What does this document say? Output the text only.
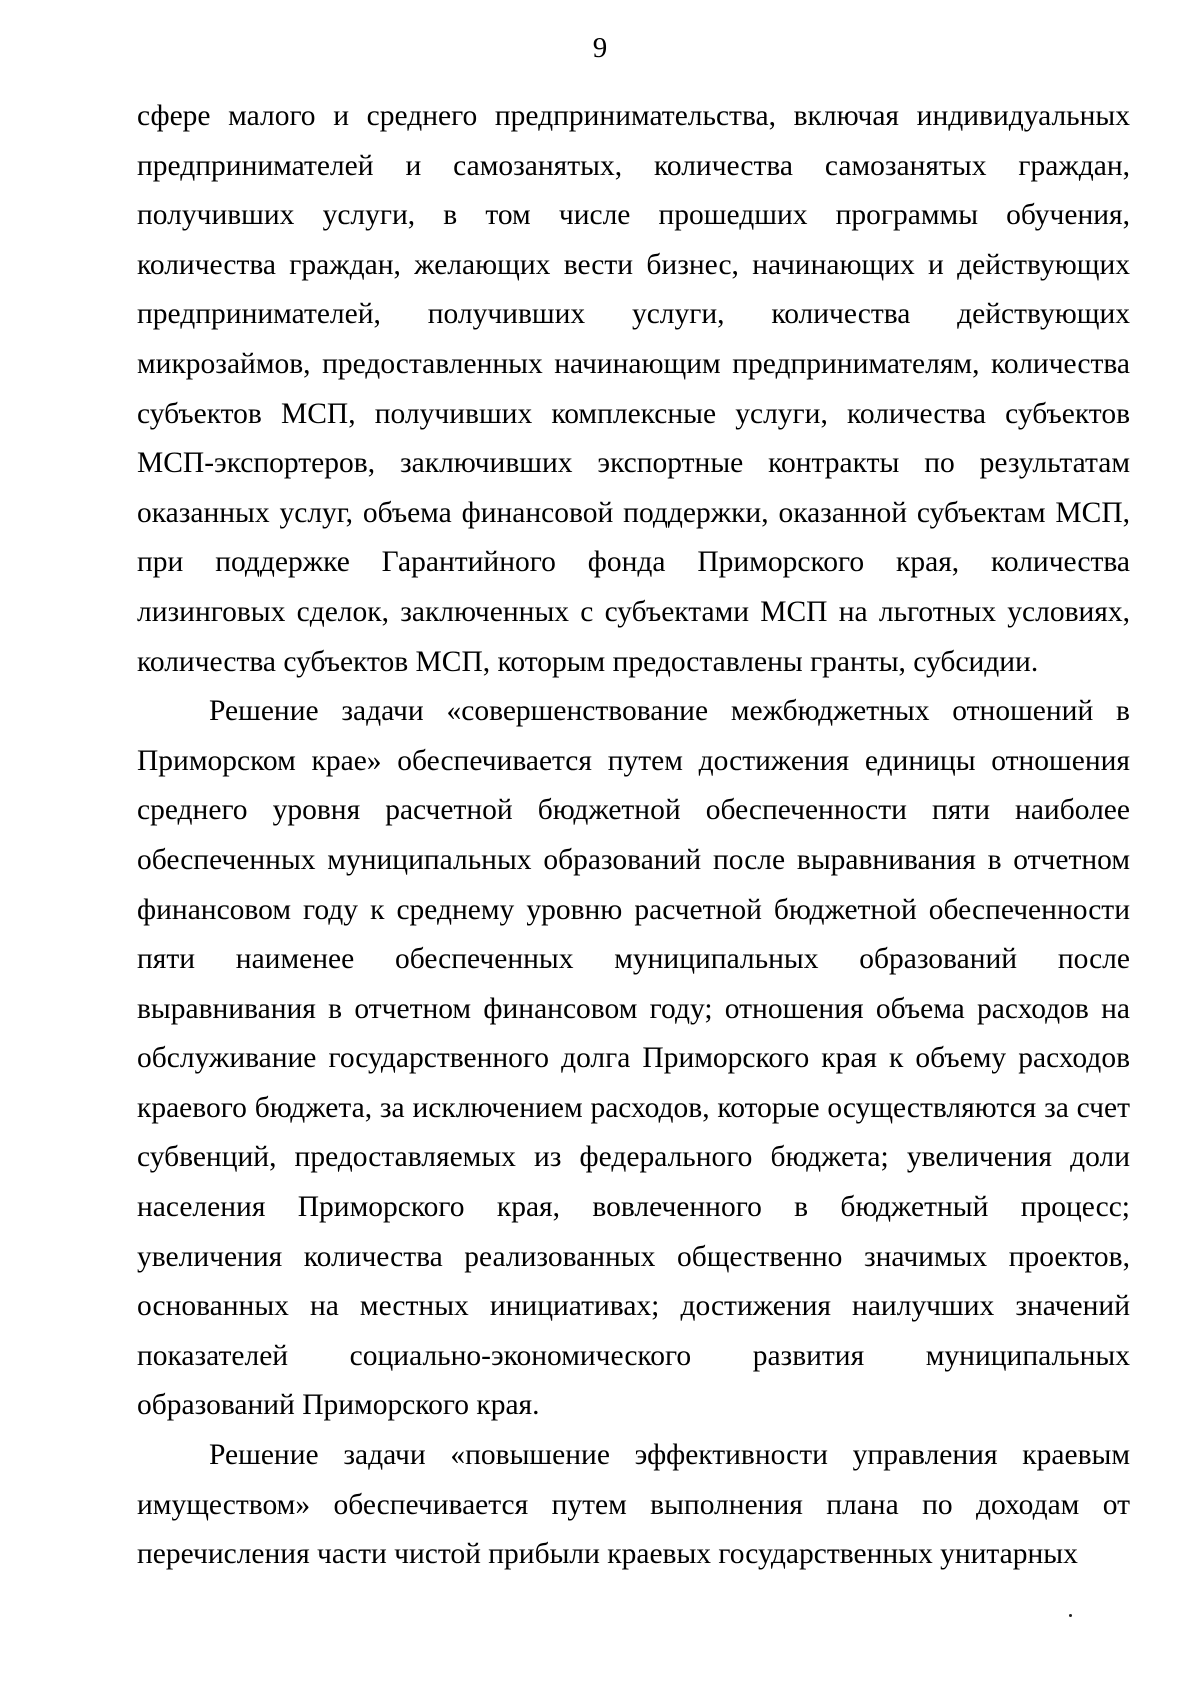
9

сфере малого и среднего предпринимательства, включая индивидуальных предпринимателей и самозанятых, количества самозанятых граждан, получивших услуги, в том числе прошедших программы обучения, количества граждан, желающих вести бизнес, начинающих и действующих предпринимателей, получивших услуги, количества действующих микрозаймов, предоставленных начинающим предпринимателям, количества субъектов МСП, получивших комплексные услуги, количества субъектов МСП-экспортеров, заключивших экспортные контракты по результатам оказанных услуг, объема финансовой поддержки, оказанной субъектам МСП, при поддержке Гарантийного фонда Приморского края, количества лизинговых сделок, заключенных с субъектами МСП на льготных условиях, количества субъектов МСП, которым предоставлены гранты, субсидии.

Решение задачи «совершенствование межбюджетных отношений в Приморском крае» обеспечивается путем достижения единицы отношения среднего уровня расчетной бюджетной обеспеченности пяти наиболее обеспеченных муниципальных образований после выравнивания в отчетном финансовом году к среднему уровню расчетной бюджетной обеспеченности пяти наименее обеспеченных муниципальных образований после выравнивания в отчетном финансовом году; отношения объема расходов на обслуживание государственного долга Приморского края к объему расходов краевого бюджета, за исключением расходов, которые осуществляются за счет субвенций, предоставляемых из федерального бюджета; увеличения доли населения Приморского края, вовлеченного в бюджетный процесс; увеличения количества реализованных общественно значимых проектов, основанных на местных инициативах; достижения наилучших значений показателей социально-экономического развития муниципальных образований Приморского края.

Решение задачи «повышение эффективности управления краевым имуществом» обеспечивается путем выполнения плана по доходам от перечисления части чистой прибыли краевых государственных унитарных
